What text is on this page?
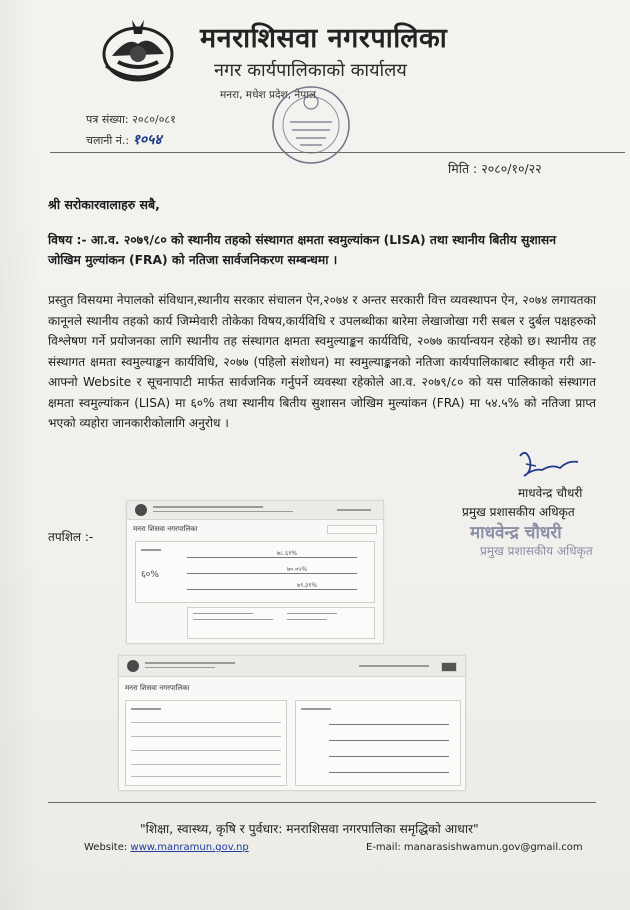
मनराशिसवा नगरपालिका
नगर कार्यपालिकाको कार्यालय
मनरा, मधेश प्रदेश, नेपाल
पत्र संख्या: २०८०/०८१
चलानी नं.: १०५४
मिति : २०८०/१०/२२
श्री सरोकारवालाहरु सबै,
विषय :- आ.व. २०७९/८० को स्थानीय तहको संस्थागत क्षमता स्वमुल्यांकन (LISA) तथा स्थानीय बितीय सुशासन जोखिम मुल्यांकन (FRA) को नतिजा सार्वजनिकरण सम्बन्धमा ।
प्रस्तुत विसयमा नेपालको संविधान,स्थानीय सरकार संचालन ऐन,२०७४ र अन्तर सरकारी वित्त व्यवस्थापन ऐन, २०७४ लगायतका कानूनले स्थानीय तहको कार्य जिम्मेवारी तोकेका विषय,कार्यविधि र उपलब्धीका बारेमा लेखाजोखा गरी सबल र दुर्बल पक्षहरुको विश्लेषण गर्ने प्रयोजनका लागि स्थानीय तह संस्थागत क्षमता स्वमुल्याङ्कन कार्यविधि, २०७७ कार्यान्वयन रहेको छ। स्थानीय तह संस्थागत क्षमता स्वमुल्याङ्कन कार्यविधि, २०७७ (पहिलो संशोधन) मा स्वमुल्याङ्कनको नतिजा कार्यपालिकाबाट स्वीकृत गरी आ-आफ्नो Website र सूचनापाटी मार्फत सार्वजनिक गर्नुपर्ने व्यवस्था रहेकोले आ.व. २०७९/८० को यस पालिकाको संस्थागत क्षमता स्वमुल्यांकन (LISA) मा ६०% तथा स्थानीय बितीय सुशासन जोखिम मुल्यांकन (FRA) मा ५४.५% को नतिजा प्राप्त भएको व्यहोरा जानकारीकोलागि अनुरोध ।
माधवेन्द्र चौधरी
प्रमुख प्रशासकीय अधिकृत
माधवेन्द्र चौधरी
प्रमुख प्रशासकीय अधिकृत
तपशिल :-
मनरा शिसवा नगरपालिका
६०%
७८.६१%
७०.०५%
७९.३१%
मनरा शिसवा नगरपालिका
"शिक्षा, स्वास्थ्य, कृषि र पुर्वधार: मनराशिसवा नगरपालिका समृद्धिको आधार"
Website: www.manramun.gov.np	E-mail: manarasishwamun.gov@gmail.com
